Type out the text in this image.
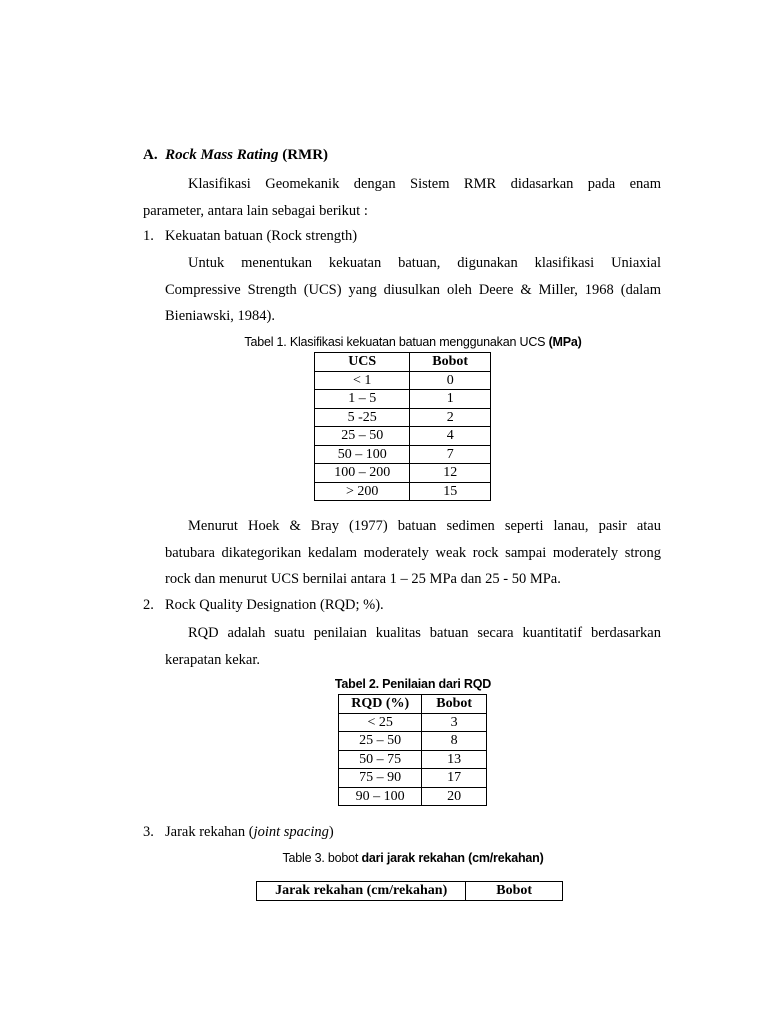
A. Rock Mass Rating (RMR)
Klasifikasi Geomekanik dengan Sistem RMR didasarkan pada enam
parameter, antara lain sebagai berikut :
1. Kekuatan batuan (Rock strength)
Untuk menentukan kekuatan batuan, digunakan klasifikasi Uniaxial
Compressive Strength (UCS) yang diusulkan oleh Deere & Miller, 1968 (dalam
Bieniawski, 1984).
Tabel 1. Klasifikasi kekuatan batuan menggunakan UCS (MPa)
UCS	Bobot
< 1	0
1 – 5	1
5 -25	2
25 – 50	4
50 – 100	7
100 – 200	12
> 200	15
Menurut Hoek & Bray (1977) batuan sedimen seperti lanau, pasir atau
batubara dikategorikan kedalam moderately weak rock sampai moderately strong
rock dan menurut UCS bernilai antara 1 – 25 MPa dan 25 - 50 MPa.
2. Rock Quality Designation (RQD; %).
RQD adalah suatu penilaian kualitas batuan secara kuantitatif berdasarkan
kerapatan kekar.
Tabel 2. Penilaian dari RQD
RQD (%)	Bobot
< 25	3
25 – 50	8
50 – 75	13
75 – 90	17
90 – 100	20
3. Jarak rekahan (joint spacing)
Table 3. bobot dari jarak rekahan (cm/rekahan)
Jarak rekahan (cm/rekahan)	Bobot
